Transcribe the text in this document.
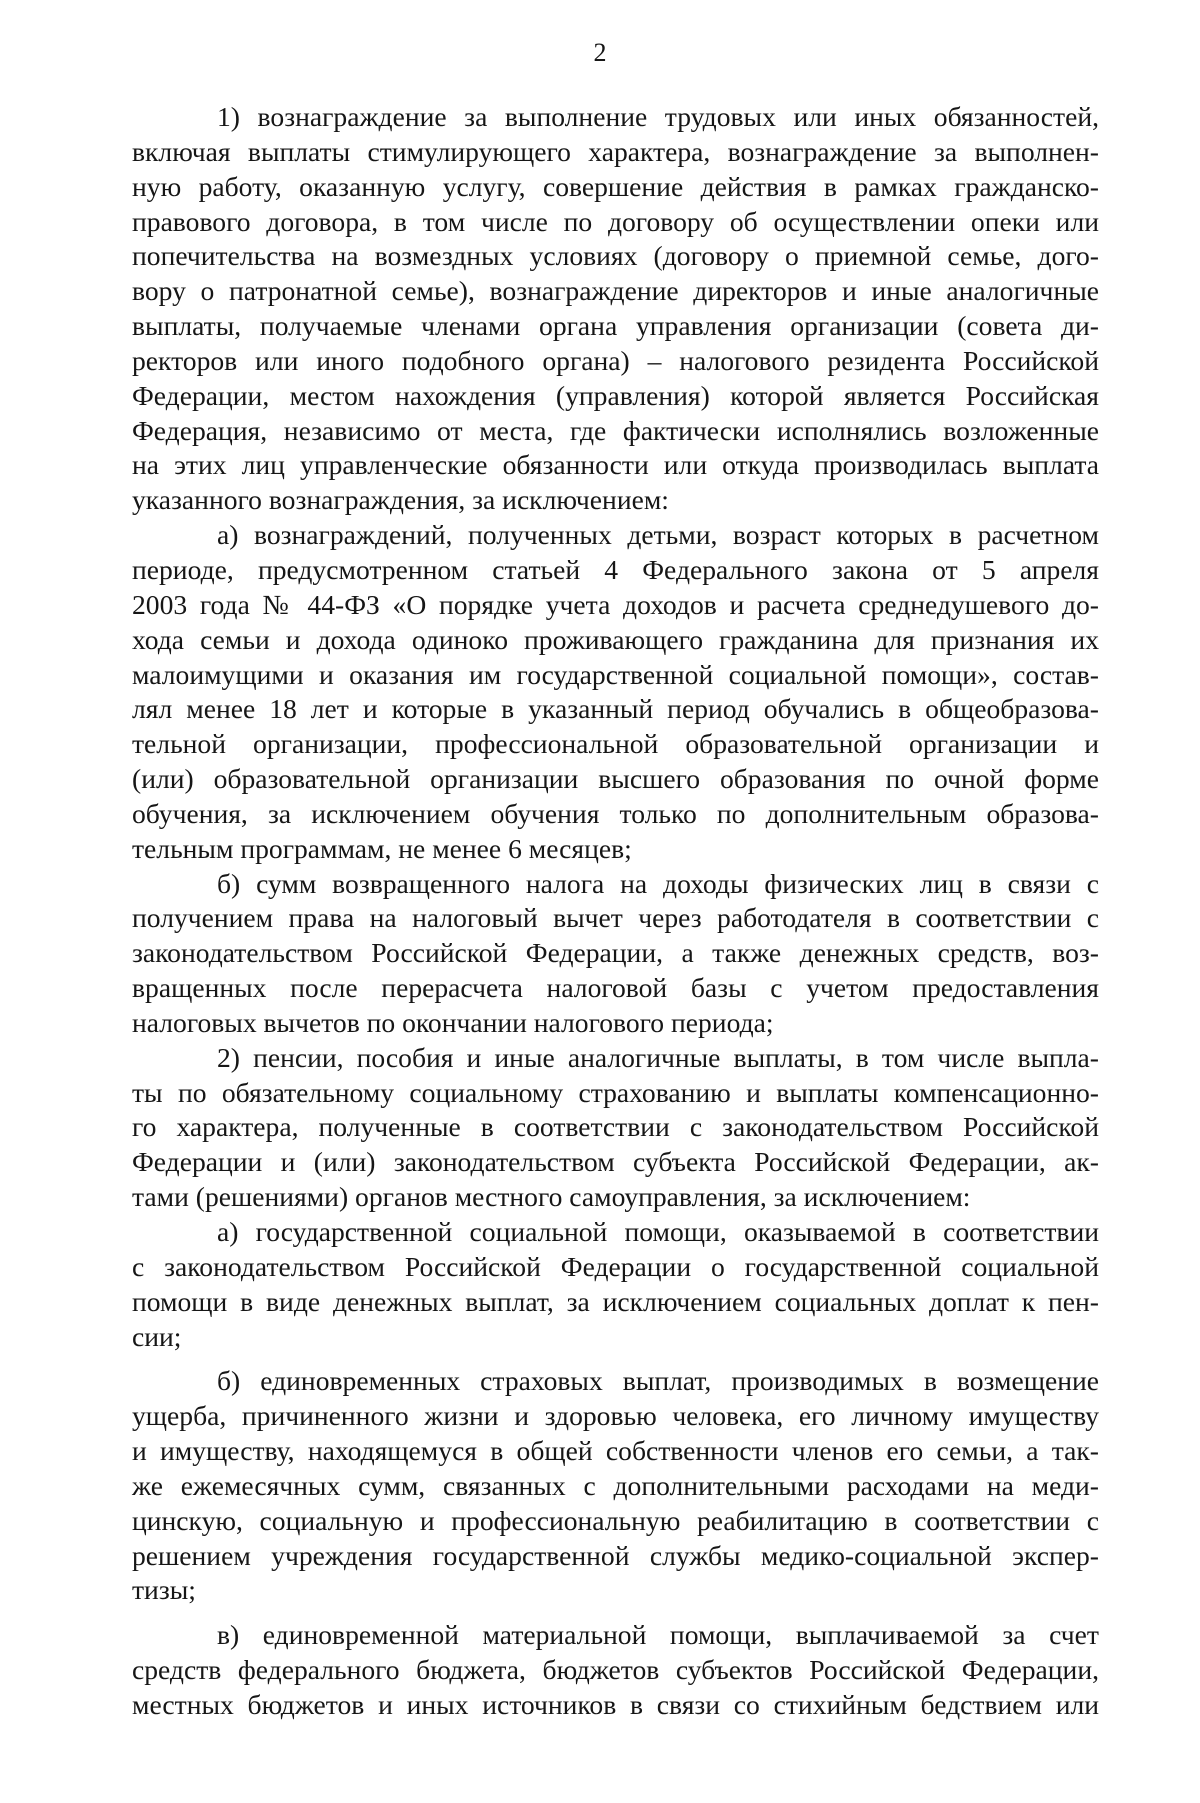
2
1) вознаграждение за выполнение трудовых или иных обязанностей,
включая выплаты стимулирующего характера, вознаграждение за выполнен-
ную работу, оказанную услугу, совершение действия в рамках гражданско-
правового договора, в том числе по договору об осуществлении опеки или
попечительства на возмездных условиях (договору о приемной семье, дого-
вору о патронатной семье), вознаграждение директоров и иные аналогичные
выплаты, получаемые членами органа управления организации (совета ди-
ректоров или иного подобного органа) – налогового резидента Российской
Федерации, местом нахождения (управления) которой является Российская
Федерация, независимо от места, где фактически исполнялись возложенные
на этих лиц управленческие обязанности или откуда производилась выплата
указанного вознаграждения, за исключением:
а) вознаграждений, полученных детьми, возраст которых в расчетном
периоде, предусмотренном статьей 4 Федерального закона от 5 апреля
2003 года № 44-ФЗ «О порядке учета доходов и расчета среднедушевого до-
хода семьи и дохода одиноко проживающего гражданина для признания их
малоимущими и оказания им государственной социальной помощи», состав-
лял менее 18 лет и которые в указанный период обучались в общеобразова-
тельной организации, профессиональной образовательной организации и
(или) образовательной организации высшего образования по очной форме
обучения, за исключением обучения только по дополнительным образова-
тельным программам, не менее 6 месяцев;
б) сумм возвращенного налога на доходы физических лиц в связи с
получением права на налоговый вычет через работодателя в соответствии с
законодательством Российской Федерации, а также денежных средств, воз-
вращенных после перерасчета налоговой базы с учетом предоставления
налоговых вычетов по окончании налогового периода;
2) пенсии, пособия и иные аналогичные выплаты, в том числе выпла-
ты по обязательному социальному страхованию и выплаты компенсационно-
го характера, полученные в соответствии с законодательством Российской
Федерации и (или) законодательством субъекта Российской Федерации, ак-
тами (решениями) органов местного самоуправления, за исключением:
а) государственной социальной помощи, оказываемой в соответствии
с законодательством Российской Федерации о государственной социальной
помощи в виде денежных выплат, за исключением социальных доплат к пен-
сии;
б) единовременных страховых выплат, производимых в возмещение
ущерба, причиненного жизни и здоровью человека, его личному имуществу
и имуществу, находящемуся в общей собственности членов его семьи, а так-
же ежемесячных сумм, связанных с дополнительными расходами на меди-
цинскую, социальную и профессиональную реабилитацию в соответствии с
решением учреждения государственной службы медико-социальной экспер-
тизы;
в) единовременной материальной помощи, выплачиваемой за счет
средств федерального бюджета, бюджетов субъектов Российской Федерации,
местных бюджетов и иных источников в связи со стихийным бедствием или
